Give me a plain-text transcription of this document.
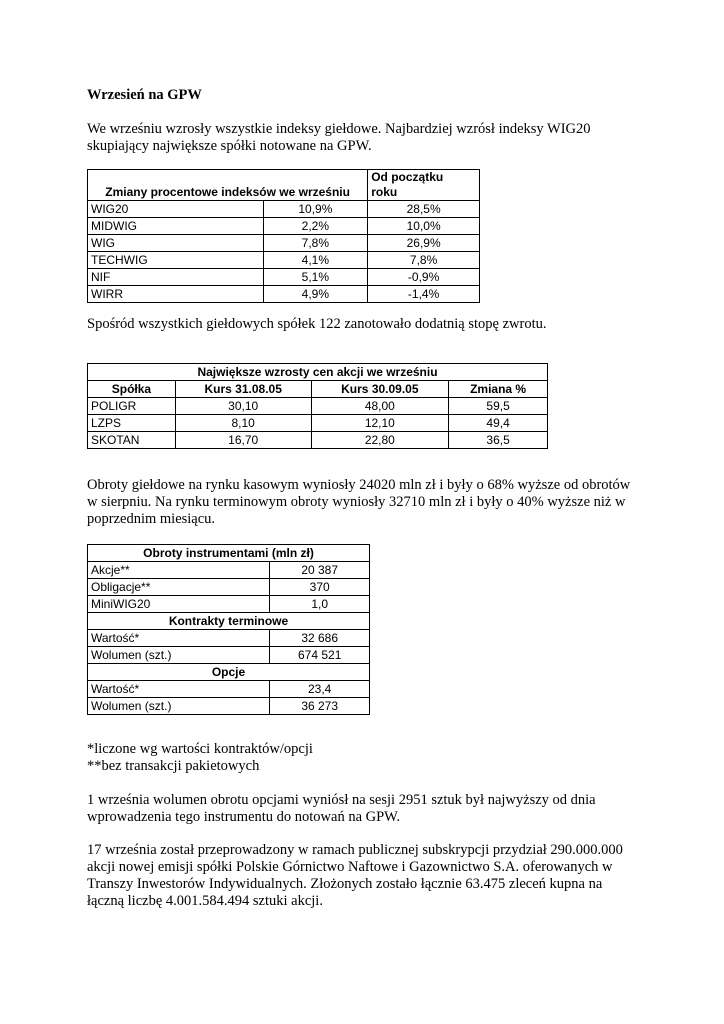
Wrzesień na GPW

We wrześniu wzrosły wszystkie indeksy giełdowe. Najbardziej wzrósł indeksy WIG20

skupiający największe spółki notowane na GPW.

Zmiany procentowe indeksów we wrześniu		Od początku
roku
WIG20	10,9%	28,5%
MIDWIG	2,2%	10,0%
WIG	7,8%	26,9%
TECHWIG	4,1%	7,8%
NIF	5,1%	-0,9%
WIRR	4,9%	-1,4%
Spośród wszystkich giełdowych spółek 122 zanotowało dodatnią stopę zwrotu.
Największe wzrosty cen akcji we wrześniu			
Spółka	Kurs 31.08.05	Kurs 30.09.05	Zmiana %
POLIGR	30,10	48,00	59,5
LZPS	8,10	12,10	49,4
SKOTAN	16,70	22,80	36,5

Obroty giełdowe na rynku kasowym wyniosły 24020 mln zł i były o 68% wyższe od obrotów

w sierpniu. Na rynku terminowym obroty wyniosły 32710 mln zł i były o 40% wyższe niż w

poprzednim miesiącu.

Obroty instrumentami (mln zł)	
Akcje**	20 387
Obligacje**	370
MiniWIG20	1,0
Kontrakty terminowe	
Wartość*	32 686
Wolumen (szt.)	674 521
Opcje	
Wartość*	23,4
Wolumen (szt.)	36 273

*liczone wg wartości kontraktów/opcji

**bez transakcji pakietowych

1 września wolumen obrotu opcjami wyniósł na sesji 2951 sztuk był najwyższy od dnia

wprowadzenia tego instrumentu do notowań na GPW.

17 września został przeprowadzony w ramach publicznej subskrypcji przydział 290.000.000

akcji nowej emisji spółki Polskie Górnictwo Naftowe i Gazownictwo S.A. oferowanych w

Transzy Inwestorów Indywidualnych. Złożonych zostało łącznie 63.475 zleceń kupna na

łączną liczbę 4.001.584.494 sztuki akcji.
